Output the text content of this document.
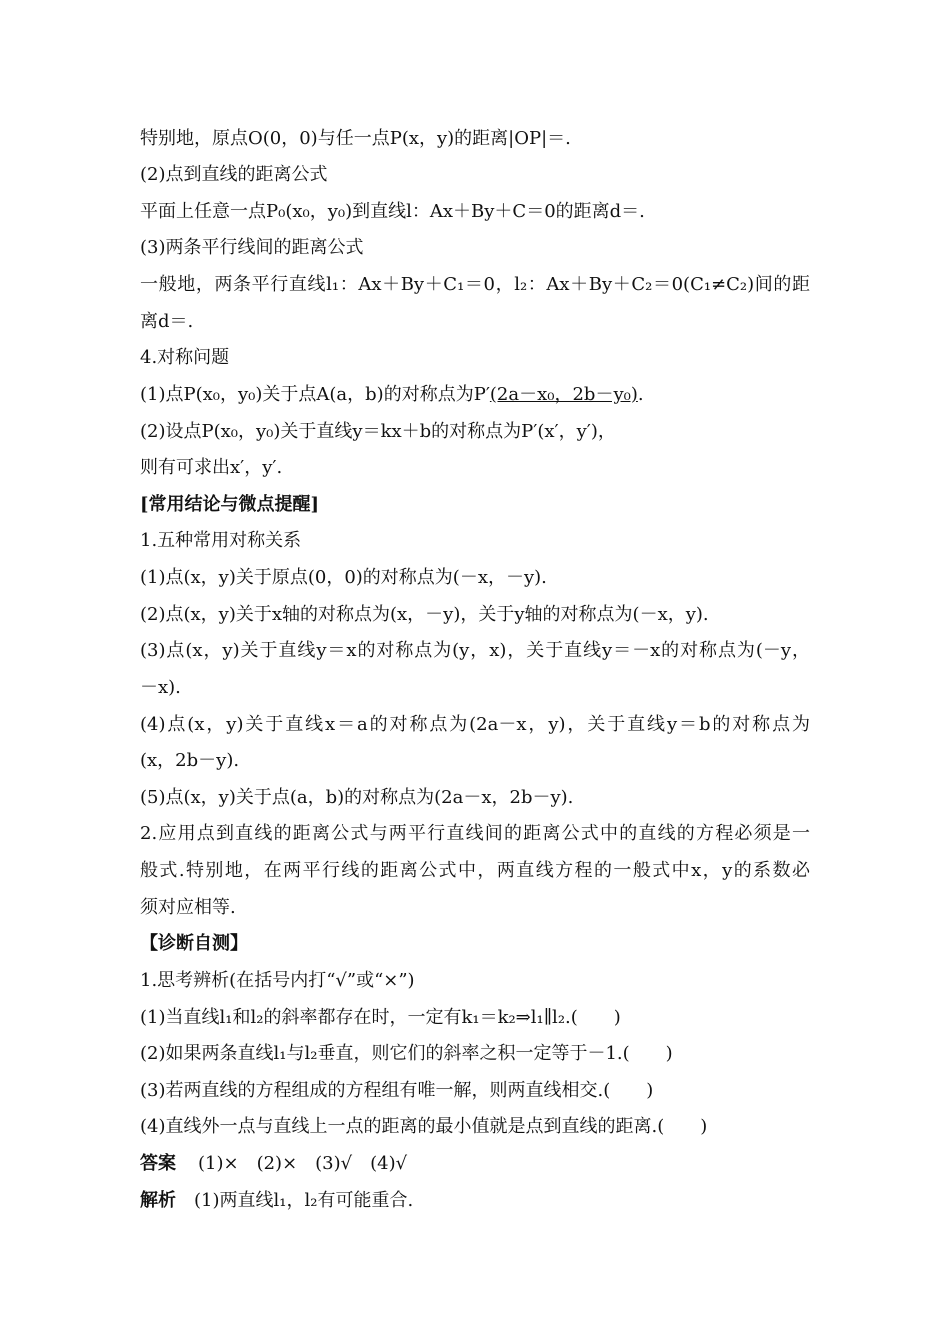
特别地，原点O(0，0)与任一点P(x，y)的距离|OP|＝.
(2)点到直线的距离公式
平面上任意一点P₀(x₀，y₀)到直线l：Ax＋By＋C＝0的距离d＝.
(3)两条平行线间的距离公式
一般地，两条平行直线l₁：Ax＋By＋C₁＝0，l₂：Ax＋By＋C₂＝0(C₁≠C₂)间的距
离d＝.
4.对称问题
(1)点P(x₀，y₀)关于点A(a，b)的对称点为P′(2a－x₀，2b－y₀).
(2)设点P(x₀，y₀)关于直线y＝kx＋b的对称点为P′(x′，y′)，
则有可求出x′，y′.
[常用结论与微点提醒]
1.五种常用对称关系
(1)点(x，y)关于原点(0，0)的对称点为(－x，－y).
(2)点(x，y)关于x轴的对称点为(x，－y)，关于y轴的对称点为(－x，y).
(3)点(x，y)关于直线y＝x的对称点为(y，x)，关于直线y＝－x的对称点为(－y，
－x).
(4)点(x，y)关于直线x＝a的对称点为(2a－x，y)，关于直线y＝b的对称点为
(x，2b－y).
(5)点(x，y)关于点(a，b)的对称点为(2a－x，2b－y).
2.应用点到直线的距离公式与两平行直线间的距离公式中的直线的方程必须是一
般式.特别地，在两平行线的距离公式中，两直线方程的一般式中x，y的系数必
须对应相等.
【诊断自测】
1.思考辨析(在括号内打“√”或“×”)
(1)当直线l₁和l₂的斜率都存在时，一定有k₁＝k₂⇒l₁∥l₂.(　　)
(2)如果两条直线l₁与l₂垂直，则它们的斜率之积一定等于－1.(　　)
(3)若两直线的方程组成的方程组有唯一解，则两直线相交.(　　)
(4)直线外一点与直线上一点的距离的最小值就是点到直线的距离.(　　)
答案 (1)×　(2)×　(3)√　(4)√
解析 (1)两直线l₁，l₂有可能重合.
